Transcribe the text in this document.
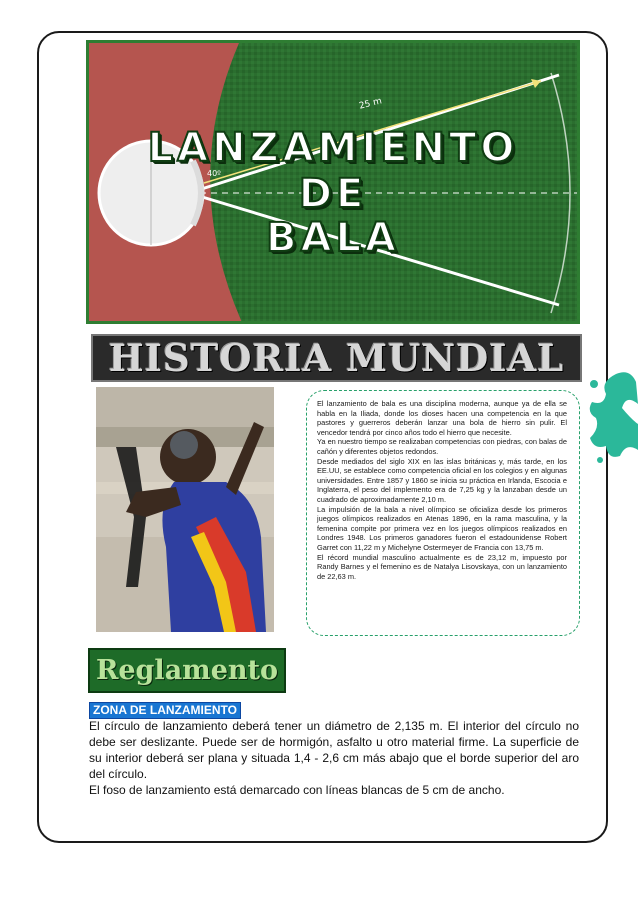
25 m
40º
LANZAMIENTO
DE
BALA
HISTORIA MUNDIAL

El lanzamiento de bala es una disciplina moderna, aunque ya de ella se habla en la Iliada, donde los dioses hacen una competencia en la que pastores y guerreros deberán lanzar una bola de hierro sin pulir. El vencedor tendrá por cinco años todo el hierro que necesite.

Ya en nuestro tiempo se realizaban competencias con piedras, con balas de cañón y diferentes objetos redondos.

Desde mediados del siglo XIX en las islas británicas y, más tarde, en los EE.UU, se establece como competencia oficial en los colegios y en algunas universidades. Entre 1857 y 1860 se inicia su práctica en Irlanda, Escocia e Inglaterra, el peso del implemento era de 7,25 kg y la lanzaban desde un cuadrado de aproximadamente 2,10 m.

La impulsión de la bala a nivel olímpico se oficializa desde los primeros juegos olímpicos realizados en Atenas 1896, en la rama masculina, y la femenina compite por primera vez en los juegos olímpicos realizados en Londres 1948. Los primeros ganadores fueron el estadounidense Robert Garret con 11,22 m y Michelyne Ostermeyer de Francia con 13,75 m.

El récord mundial masculino actualmente es de 23,12 m, impuesto por Randy Barnes y el femenino es de Natalya Lisovskaya, con un lanzamiento de 22,63 m.

Reglamento
ZONA DE LANZAMIENTO

El círculo de lanzamiento deberá tener un diámetro de 2,135 m. El interior del círculo no debe ser deslizante. Puede ser de hormigón, asfalto u otro material firme. La superficie de su interior deberá ser plana y situada 1,4 - 2,6 cm más abajo que el borde superior del aro del círculo.

El foso de lanzamiento está demarcado con líneas blancas de 5 cm de ancho.
